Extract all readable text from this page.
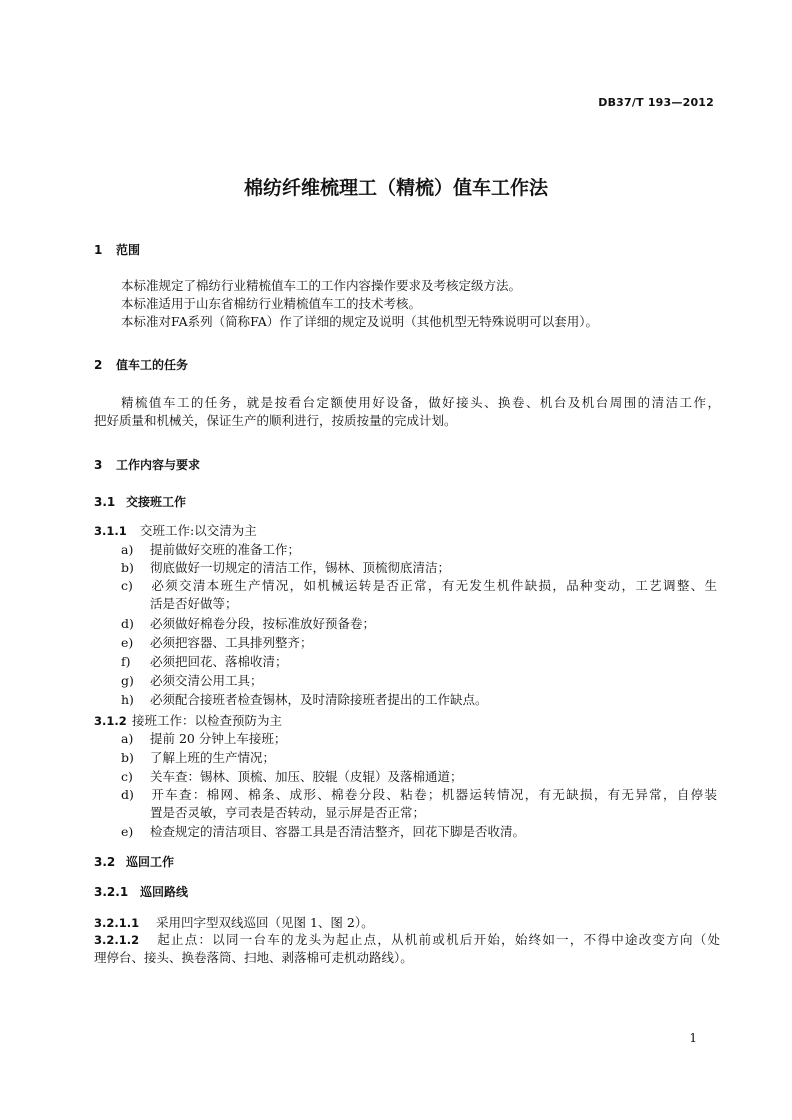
DB37/T 193—2012
棉纺纤维梳理工（精梳）值车工作法
1 范围
本标准规定了棉纺行业精梳值车工的工作内容操作要求及考核定级方法。
本标准适用于山东省棉纺行业精梳值车工的技术考核。
本标准对FA系列（简称FA）作了详细的规定及说明（其他机型无特殊说明可以套用）。
2 值车工的任务
精梳值车工的任务，就是按看台定额使用好设备，做好接头、换卷、机台及机台周围的清洁工作，
把好质量和机械关，保证生产的顺利进行，按质按量的完成计划。
3 工作内容与要求
3.1 交接班工作
3.1.1 交班工作:以交清为主
a) 提前做好交班的准备工作；
b) 彻底做好一切规定的清洁工作，锡林、顶梳彻底清洁；
c) 必须交清本班生产情况，如机械运转是否正常，有无发生机件缺损，品种变动，工艺调整、生
活是否好做等；
d) 必须做好棉卷分段，按标准放好预备卷；
e) 必须把容器、工具排列整齐；
f) 必须把回花、落棉收清；
g) 必须交清公用工具；
h) 必须配合接班者检查锡林，及时清除接班者提出的工作缺点。
3.1.2 接班工作：以检查预防为主
a) 提前 20 分钟上车接班；
b) 了解上班的生产情况；
c) 关车查：锡林、顶梳、加压、胶辊（皮辊）及落棉通道；
d) 开车查：棉网、棉条、成形、棉卷分段、粘卷；机器运转情况，有无缺损，有无异常，自停装
置是否灵敏，亨司表是否转动，显示屏是否正常；
e) 检查规定的清洁项目、容器工具是否清洁整齐，回花下脚是否收清。
3.2 巡回工作
3.2.1 巡回路线
3.2.1.1 采用凹字型双线巡回（见图 1、图 2）。
3.2.1.2 起止点：以同一台车的龙头为起止点，从机前或机后开始，始终如一，不得中途改变方向（处
理停台、接头、换卷落筒、扫地、剥落棉可走机动路线）。
1
